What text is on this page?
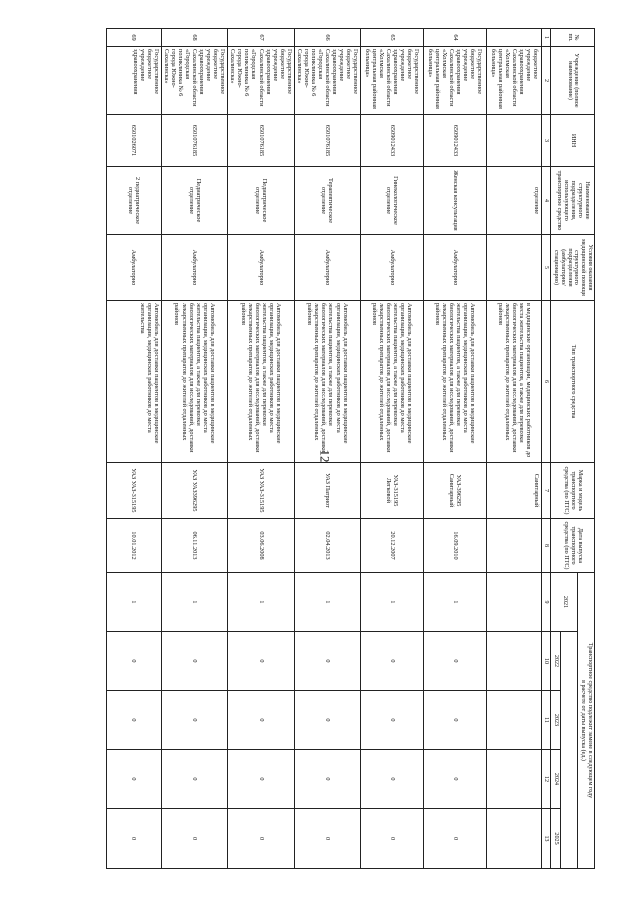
12
№ пп.	Учреждение (полное наименование)	ИНН	Наименование структурного подразделения, использующего транспортное средство	Условия оказания медицинской помощи структурного подразделения (амбулаторно/стационарно)	Тип транспортного средства	Марка и модель транспортного средства (по ПТС)	Дата выпуска транспортного средства (по ПТС)	Транспортное средство подлежит замене в следующем году
в расчете от даты выпуска (ед.)				
								2021				
									2022	2023	2024	2025
1	2	3	4	5	6	7	8	9	10	11	12	13
	бюджетное учреждение здравоохранения Сахалинской области «Холмская центральная районная больница»		отделение		в медицинские организации, медицинских работников до места жительства пациентов, а также для перевозки биологических материалов для исследований, доставки лекарственных препаратов до жителей отдаленных районов	Санитарный						
64	Государственное бюджетное учреждение здравоохранения Сахалинской области «Холмская центральная районная больница»	6509012433	Женская консультация	Амбулаторно	Автомобиль для доставки пациентов в медицинские организации, медицинских работников до места жительства пациентов, а также для перевозки биологических материалов для исследований, доставки лекарственных препаратов до жителей отдаленных районов	УАЗ-396295 Санитарный	16.09.2010	1	0	0	0	0
65	Государственное бюджетное учреждение здравоохранения Сахалинской области «Холмская центральная районная больница»	6509012433	Гинекологическое отделение	Амбулаторно	Автомобиль для доставки пациентов в медицинские организации, медицинских работников до места жительства пациентов, а также для перевозки биологических материалов для исследований, доставки лекарственных препаратов до жителей отдаленных районов	УАЗ-315195 Легковой	20.12.2007	1	0	0	0	0
66	Государственное бюджетное учреждение здравоохранения Сахалинской области «Городская поликлиника № 6 города Южно-Сахалинска»	6501076185	Терапевтическое отделение	Амбулаторно	Автомобиль для доставки пациентов в медицинские организации, медицинских работников до места жительства пациентов, а также для перевозки биологических материалов для исследований, доставки лекарственных препаратов до жителей отдаленных районов	УАЗ Патриот	02.04.2013	1	0	0	0	0
67	Государственное бюджетное учреждение здравоохранения Сахалинской области «Городская поликлиника № 6 города Южно-Сахалинска»	6501076185	Педиатрическое отделение	Амбулаторно	Автомобиль для доставки пациентов в медицинские организации, медицинских работников до места жительства пациентов, а также для перевозки биологических материалов для исследований, доставки лекарственных препаратов до жителей отдаленных районов	УАЗ УАЗ-315195	03.06.2008	1	0	0	0	0
68	Государственное бюджетное учреждение здравоохранения Сахалинской области «Городская поликлиника № 6 города Южно-Сахалинска»	6501076185	Педиатрическое отделение	Амбулаторно	Автомобиль для доставки пациентов в медицинские организации, медицинских работников до места жительства пациентов, а также для перевозки биологических материалов для исследований, доставки лекарственных препаратов до жителей отдаленных районов	УАЗ УАЗ396295	06.11.2013	1	0	0	0	0
69	Государственное бюджетное учреждение здравоохранения	6501026071	2 педиатрическое отделение	Амбулаторно	Автомобиль для доставки пациентов в медицинские организации, медицинских работников до места жительства	УАЗ УАЗ-315195	10.01.2012	1	0	0	0	0
